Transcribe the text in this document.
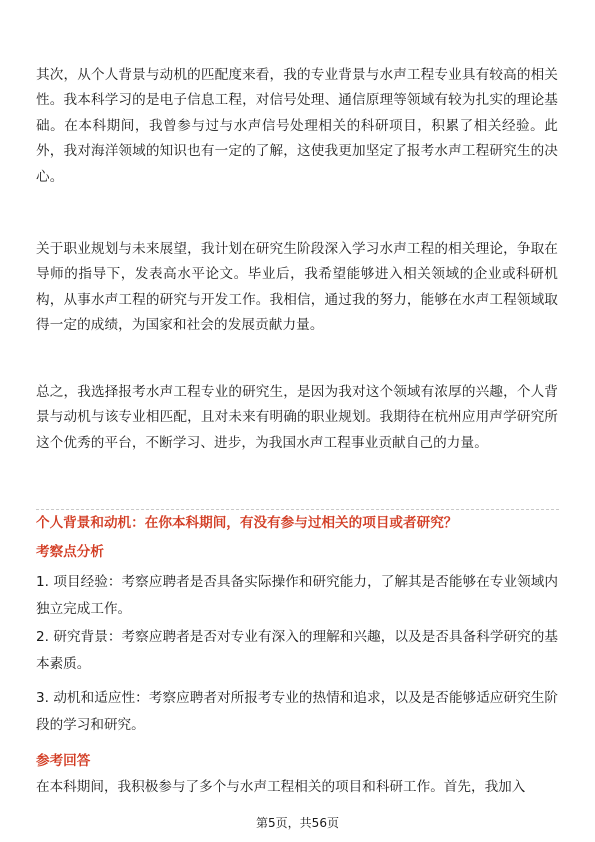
其次，从个人背景与动机的匹配度来看，我的专业背景与水声工程专业具有较高的相关性。我本科学习的是电子信息工程，对信号处理、通信原理等领域有较为扎实的理论基础。在本科期间，我曾参与过与水声信号处理相关的科研项目，积累了相关经验。此外，我对海洋领域的知识也有一定的了解，这使我更加坚定了报考水声工程研究生的决心。

关于职业规划与未来展望，我计划在研究生阶段深入学习水声工程的相关理论，争取在导师的指导下，发表高水平论文。毕业后，我希望能够进入相关领域的企业或科研机构，从事水声工程的研究与开发工作。我相信，通过我的努力，能够在水声工程领域取得一定的成绩，为国家和社会的发展贡献力量。

总之，我选择报考水声工程专业的研究生，是因为我对这个领域有浓厚的兴趣，个人背景与动机与该专业相匹配，且对未来有明确的职业规划。我期待在杭州应用声学研究所这个优秀的平台，不断学习、进步，为我国水声工程事业贡献自己的力量。

个人背景和动机：在你本科期间，有没有参与过相关的项目或者研究？

考察点分析

1. 项目经验：考察应聘者是否具备实际操作和研究能力，了解其是否能够在专业领域内独立完成工作。

2. 研究背景：考察应聘者是否对专业有深入的理解和兴趣，以及是否具备科学研究的基本素质。

3. 动机和适应性：考察应聘者对所报考专业的热情和追求，以及是否能够适应研究生阶段的学习和研究。

参考回答

在本科期间，我积极参与了多个与水声工程相关的项目和科研工作。首先，我加入

第5页，共56页
